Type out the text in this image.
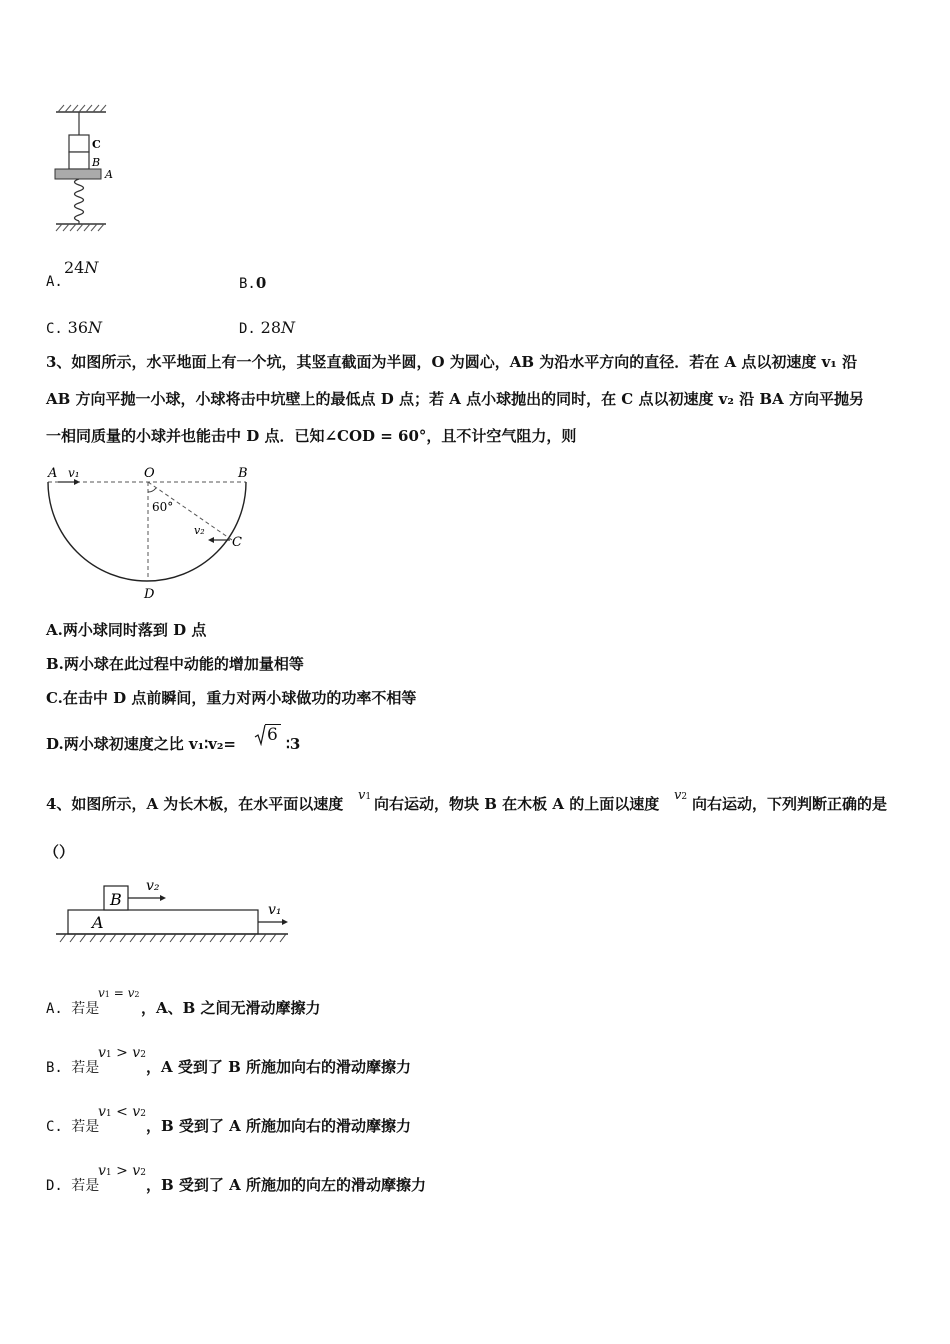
C
B
A
A.
24N
B.0
C. 36N	D. 28N
3、如图所示，水平地面上有一个坑，其竖直截面为半圆，O 为圆心，AB 为沿水平方向的直径．若在 A 点以初速度 v₁ 沿
AB 方向平抛一小球，小球将击中坑壁上的最低点 D 点；若 A 点小球抛出的同时，在 C 点以初速度 v₂ 沿 BA 方向平抛另
一相同质量的小球并也能击中 D 点．已知∠COD = 60°，且不计空气阻力，则
A v₁	O	B
60°
v₂
C
D
A.两小球同时落到 D 点
B.两小球在此过程中动能的增加量相等
C.在击中 D 点前瞬间，重力对两小球做功的功率不相等
D.两小球初速度之比 v₁∶v₂= 6 ∶3
4、如图所示，A 为长木板，在水平面以速度 v1 向右运动，物块 B 在木板 A 的上面以速度 v2 向右运动，下列判断正确的是
（）
B
A
v₂
v₁
A. 若是
v1 = v2
，A、B 之间无滑动摩擦力
B. 若是
v1 > v2
，A 受到了 B 所施加向右的滑动摩擦力
C. 若是
v1 < v2
，B 受到了 A 所施加向右的滑动摩擦力
D. 若是
v1 > v2
，B 受到了 A 所施加的向左的滑动摩擦力
